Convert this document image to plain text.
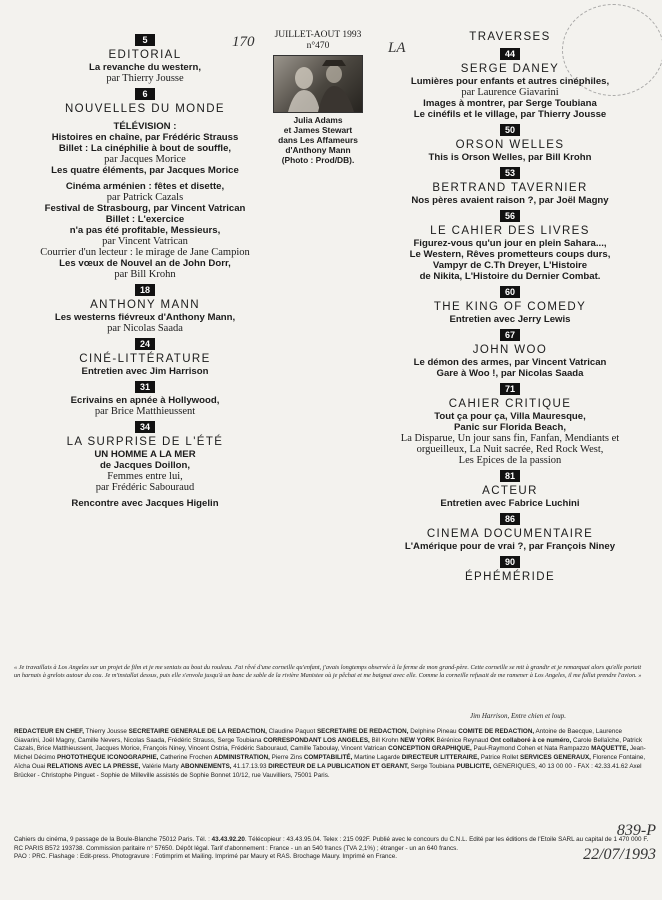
170	LA
5

EDITORIAL

La revanche du western,

par Thierry Jousse

6

NOUVELLES DU MONDE

TÉLÉVISION :

Histoires en chaîne, par Frédéric Strauss

Billet : La cinéphilie à bout de souffle,

par Jacques Morice

Les quatre éléments, par Jacques Morice

Cinéma arménien : fêtes et disette,

par Patrick Cazals

Festival de Strasbourg, par Vincent Vatrican

Billet : L'exercice

n'a pas été profitable, Messieurs,

par Vincent Vatrican

Courrier d'un lecteur : le mirage de Jane Campion

Les vœux de Nouvel an de John Dorr,

par Bill Krohn

18

ANTHONY MANN

Les westerns fiévreux d'Anthony Mann,

par Nicolas Saada

24

CINÉ-LITTÉRATURE

Entretien avec Jim Harrison

31

Ecrivains en apnée à Hollywood,

par Brice Matthieussent

34

LA SURPRISE DE L'ÉTÉ

UN HOMME A LA MER

de Jacques Doillon,

Femmes entre lui,

par Frédéric Sabouraud

Rencontre avec Jacques Higelin

JUILLET-AOUT 1993

n°470

Julia Adams

et James Stewart

dans Les Affameurs

d'Anthony Mann

(Photo : Prod/DB).

TRAVERSES

44

SERGE DANEY

Lumières pour enfants et autres cinéphiles,

par Laurence Giavarini

Images à montrer, par Serge Toubiana

Le cinéfils et le village, par Thierry Jousse

50

ORSON WELLES

This is Orson Welles, par Bill Krohn

53

BERTRAND TAVERNIER

Nos pères avaient raison ?, par Joël Magny

56

LE CAHIER DES LIVRES

Figurez-vous qu'un jour en plein Sahara...,

Le Western, Rêves prometteurs coups durs,

Vampyr de C.Th Dreyer, L'Histoire

de Nikita, L'Histoire du Dernier Combat.

60

THE KING OF COMEDY

Entretien avec Jerry Lewis

67

JOHN WOO

Le démon des armes, par Vincent Vatrican

Gare à Woo !, par Nicolas Saada

71

CAHIER CRITIQUE

Tout ça pour ça, Villa Mauresque,

Panic sur Florida Beach,

La Disparue, Un jour sans fin, Fanfan, Mendiants et

orgueilleux, La Nuit sacrée, Red Rock West,

Les Epices de la passion

81

ACTEUR

Entretien avec Fabrice Luchini

86

CINEMA DOCUMENTAIRE

L'Amérique pour de vrai ?, par François Niney

90

ÉPHÉMÉRIDE

« Je travaillais à Los Angeles sur un projet de film et je me sentais au bout du rouleau. J'ai rêvé d'une corneille qu'enfant, j'avais longtemps observée à la ferme de mon grand-père. Cette corneille se mit à grandir et je remarquai alors qu'elle portait un harnais à grelots autour du cou. Je m'installai dessus, puis elle s'envola jusqu'à un banc de sable de la rivière Manistee où je pêchai et me baignai avec elle. Comme la corneille refusait de me ramener à Los Angeles, il me fallut prendre l'avion. »

Jim Harrison, Entre chien et loup.

REDACTEUR EN CHEF, Thierry Jousse SECRETAIRE GENERALE DE LA REDACTION, Claudine Paquot SECRETAIRE DE REDACTION, Delphine Pineau COMITE DE REDACTION, Antoine de Baecque, Laurence Giavarini, Joël Magny, Camille Nevers, Nicolas Saada, Frédéric Strauss, Serge Toubiana CORRESPONDANT LOS ANGELES, Bill Krohn NEW YORK Bérénice Reynaud Ont collaboré à ce numéro, Carole Bellaïche, Patrick Cazals, Brice Matthieussent, Jacques Morice, François Niney, Vincent Ostria, Frédéric Sabouraud, Camille Taboulay, Vincent Vatrican CONCEPTION GRAPHIQUE, Paul-Raymond Cohen et Nata Rampazzo MAQUETTE, Jean-Michel Décimo PHOTOTHEQUE ICONOGRAPHIE, Catherine Frochen ADMINISTRATION, Pierre Zins COMPTABILITÉ, Martine Lagarde DIRECTEUR LITTERAIRE, Patrice Rollet SERVICES GENERAUX, Florence Fontaine, Aïcha Ouai RELATIONS AVEC LA PRESSE, Valérie Marty ABONNEMENTS, 41.17.13.93 DIRECTEUR DE LA PUBLICATION ET GERANT, Serge Toubiana PUBLICITE, GENERIQUES, 40 13 00 00 - FAX : 42.33.41.62 Axel Brücker - Christophe Pinguet - Sophie de Milleville assistés de Sophie Bonnet 10/12, rue Vauvilliers, 75001 Paris.

Cahiers du cinéma, 9 passage de la Boule-Blanche 75012 Paris. Tél. : 43.43.92.20. Télécopieur : 43.43.95.04. Telex : 215 092F. Publié avec le concours du C.N.L. Edité par les éditions de l'Etoile SARL au capital de 1 470 000 F. RC PARIS B572 193738. Commission paritaire n° 57650. Dépôt légal. Tarif d'abonnement : France - un an 540 francs (TVA 2,1%) ; étranger - un an 640 francs.
PAO : PRC. Flashage : Edit-press. Photogravure : Fotimprim et Mailing. Imprimé par Maury et RAS. Brochage Maury. Imprimé en France.

839-P
22/07/1993
